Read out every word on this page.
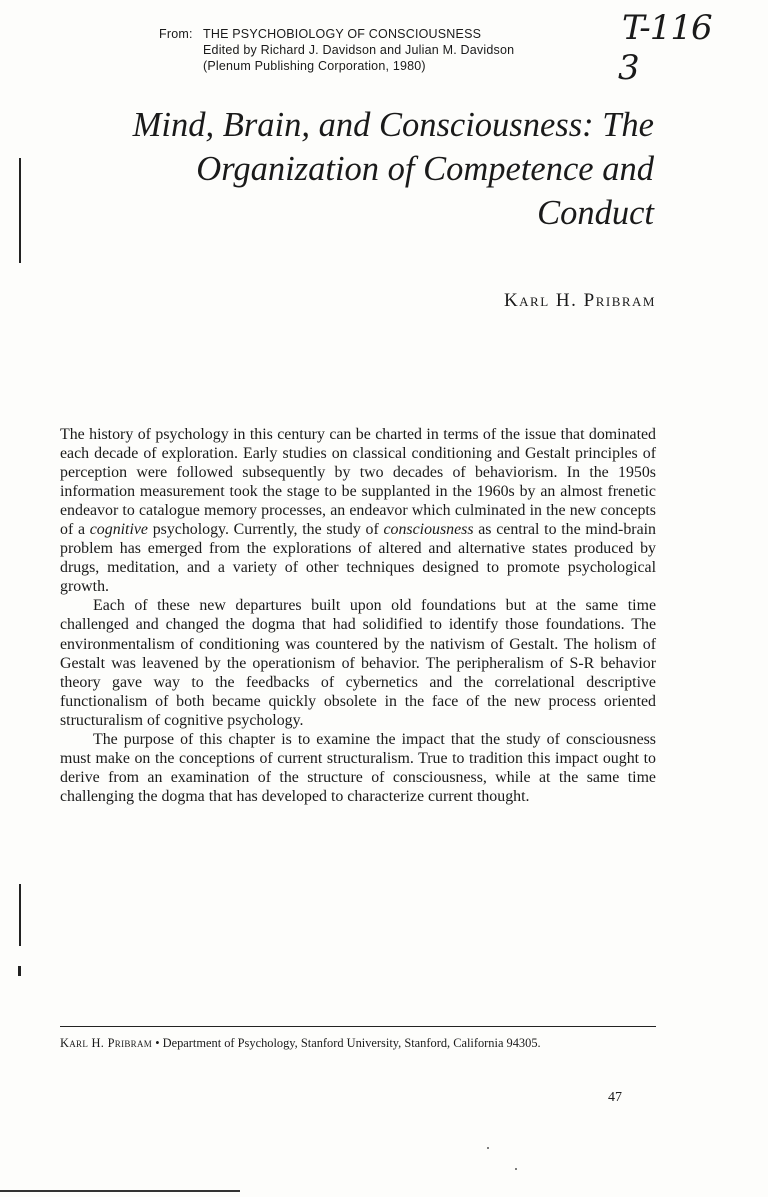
From: THE PSYCHOBIOLOGY OF CONSCIOUSNESS
Edited by Richard J. Davidson and Julian M. Davidson
(Plenum Publishing Corporation, 1980)
T-116
3
Mind, Brain, and Consciousness: The
Organization of Competence and
Conduct
Karl H. Pribram

The history of psychology in this century can be charted in terms of the issue that dominated each decade of exploration. Early studies on classical conditioning and Gestalt principles of perception were followed subsequently by two decades of behaviorism. In the 1950s information measurement took the stage to be supplanted in the 1960s by an almost frenetic endeavor to catalogue memory processes, an endeavor which culminated in the new concepts of a cognitive psychology. Currently, the study of consciousness as central to the mind-brain problem has emerged from the explorations of altered and alternative states produced by drugs, meditation, and a variety of other techniques designed to promote psychological growth.

Each of these new departures built upon old foundations but at the same time challenged and changed the dogma that had solidified to identify those foundations. The environmentalism of conditioning was countered by the nativism of Gestalt. The holism of Gestalt was leavened by the operationism of behavior. The peripheralism of S-R behavior theory gave way to the feedbacks of cybernetics and the correlational descriptive functionalism of both became quickly obsolete in the face of the new process oriented structuralism of cognitive psychology.

The purpose of this chapter is to examine the impact that the study of consciousness must make on the conceptions of current structuralism. True to tradition this impact ought to derive from an examination of the structure of consciousness, while at the same time challenging the dogma that has developed to characterize current thought.

Karl H. Pribram • Department of Psychology, Stanford University, Stanford, California 94305.
47
